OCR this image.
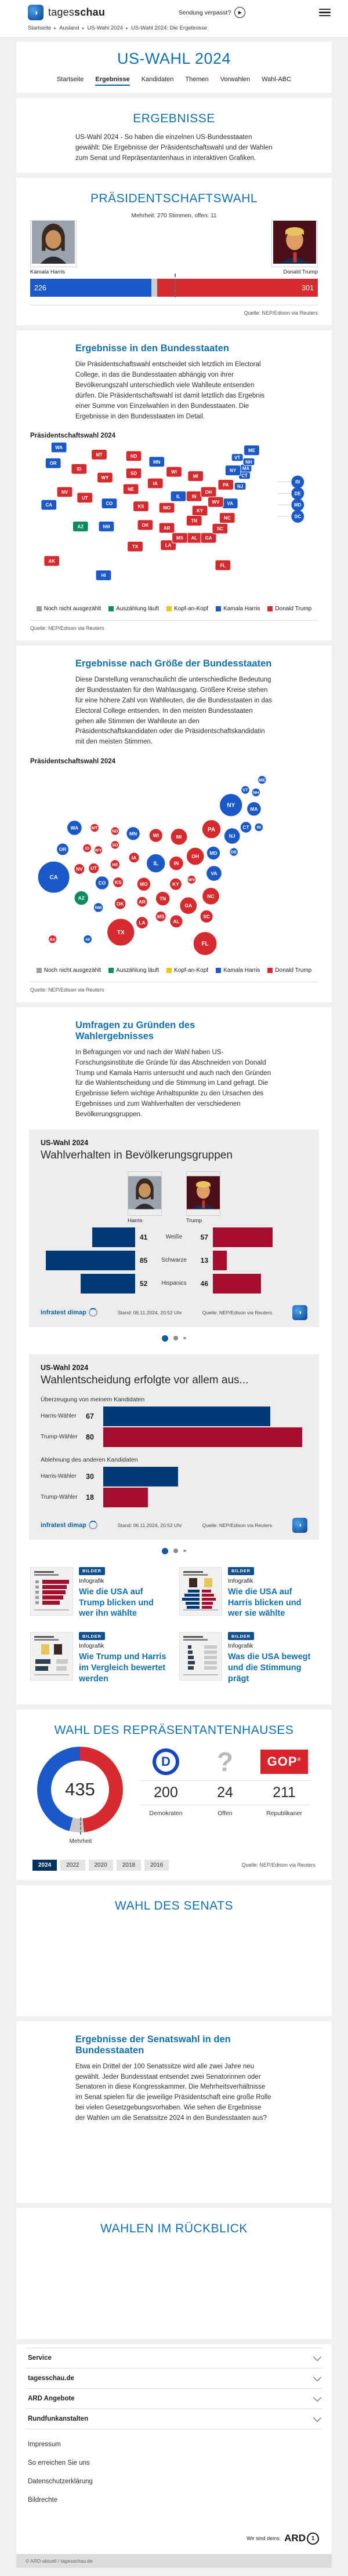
◑ tagesschau	Sendung verpasst?	▶
Startseite ▸ Ausland ▸ US-Wahl 2024 ▸ US-Wahl 2024: Die Ergebnisse
US-WAHL 2024
Startseite Ergebnisse Kandidaten Themen Vorwahlen Wahl-ABC
ERGEBNISSE

US-Wahl 2024 - So haben die einzelnen US-Bundesstaaten gewählt: Die Ergebnisse der Präsidentschaftswahl und der Wahlen zum Senat und Repräsentantenhaus in interaktiven Grafiken.

PRÄSIDENTSCHAFTSWAHL
Mehrheit: 270 Stimmen, offen: 11
Kamala Harris	Donald Trump
226	301
Quelle: NEP/Edison via Reuters
Ergebnisse in den Bundesstaaten

Die Präsidentschaftswahl entscheidet sich letztlich im Electoral College, in das die Bundesstaaten abhängig von ihrer Bevölkerungszahl unterschiedlich viele Wahlleute entsenden dürfen. Die Präsidentschaftswahl ist damit letztlich das Ergebnis einer Summe von Einzelwahlen in den Bundesstaaten. Die Ergebnisse in den Bundesstaaten im Detail.

Präsidentschaftswahl 2024
AK
AL
AR
AZ
CA	CO
CT
DC
DE
FL
GA
HI
IA
ID
IL IN
KS
KY
LA
MA
MD
ME
MI
MN
MO
MS
MT
NC
ND
NE
NH
NJ
NM
NV
NY
OH
OK
OR
PA
RI
SC
SD
TN
TX
UT
VA
VT
WA
WI
WV
WY
Noch nicht ausgezählt	Auszählung läuft	Kopf-an-Kopf	Kamala Harris	Donald Trump
Quelle: NEP/Edison via Reuters
Ergebnisse nach Größe der Bundesstaaten

Diese Darstellung veranschaulicht die unterschiedliche Bedeutung der Bundesstaaten für den Wahlausgang. Größere Kreise stehen für eine höhere Zahl von Wahlleuten, die die Bundesstaaten in das Electoral College entsenden. In den meisten Bundesstaaten gehen alle Stimmen der Wahlleute an den Präsidentschaftskandidaten oder die Präsidentschaftskandidatin mit den meisten Stimmen.

Präsidentschaftswahl 2024
AK
AL
AR
AZ
CA
CO
CT
DE
FL
GA
HI
IA
ID
IL	IN
KS	KY
LA
MA
MD
ME
MI
MN
MO
MS
MT
NC
ND
NE
NH
NJ
NM
NV
NY
OH
OK
OR
PA	RI
SC
SD
TN
TX
UT
VA
VT
WA
WI
WV
WY
Noch nicht ausgezählt	Auszählung läuft	Kopf-an-Kopf	Kamala Harris	Donald Trump
Quelle: NEP/Edison via Reuters
Umfragen zu Gründen des Wahlergebnisses

In Befragungen vor und nach der Wahl haben US-Forschungsinstitute die Gründe für das Abschneiden von Donald Trump und Kamala Harris untersucht und auch nach den Gründen für die Wahlentscheidung und die Stimmung im Land gefragt. Die Ergebnisse liefern wichtige Anhaltspunkte zu den Ursachen des Ergebnisses und zum Wahlverhalten der verschiedenen Bevölkerungsgruppen.

US-Wahl 2024
Wahlverhalten in Bevölkerungsgruppen
Harris	Trump
41	Weiße	57
85	Schwarze	13
52	Hispanics	46
infratest dimap	Stand: 06.11.2024, 20:52 Uhr	Quelle: NEP/Edison via Reuters	◑
US-Wahl 2024
Wahlentscheidung erfolgte vor allem aus...
Überzeugung von meinem Kandidaten
Harris-Wähler	67
Trump-Wähler	80
Ablehnung des anderen Kandidaten
Harris-Wähler	30
Trump-Wähler	18
infratest dimap	Stand: 06.11.2024, 20:52 Uhr	Quelle: NEP/Edison via Reuters	◑
BILDER
Infografik
Wie die USA auf Trump blicken und wer ihn wählte
BILDER
Infografik
Wie die USA auf Harris blicken und wer sie wählte
BILDER
Infografik
Wie Trump und Harris im Vergleich bewertet werden
BILDER
Infografik
Was die USA bewegt und die Stimmung prägt
WAHL DES REPRÄSENTANTENHAUSES
435
Mehrheit
D ?	GOP®
200	24	211
Demokraten	Offen	Republikaner
2024	2022	2020	2018	2016	Quelle: NEP/Edison via Reuters
WAHL DES SENATS
Ergebnisse der Senatswahl in den Bundesstaaten

Etwa ein Drittel der 100 Senatssitze wird alle zwei Jahre neu gewählt. Jeder Bundesstaat entsendet zwei Senatorinnen oder Senatoren in diese Kongresskammer. Die Mehrheitsverhältnisse im Senat spielen für die jeweilige Präsidentschaft eine große Rolle bei vielen Gesetzgebungsvorhaben. Wie sehen die Ergebnisse der Wahlen um die Senatssitze 2024 in den Bundesstaaten aus?

WAHLEN IM RÜCKBLICK
Service
tagesschau.de
ARD Angebote
Rundfunkanstalten
Impressum
So erreichen Sie uns
Datenschutzerklärung
Bildrechte
Wir sind deins. ARD 1
© ARD-aktuell / tagesschau.de
